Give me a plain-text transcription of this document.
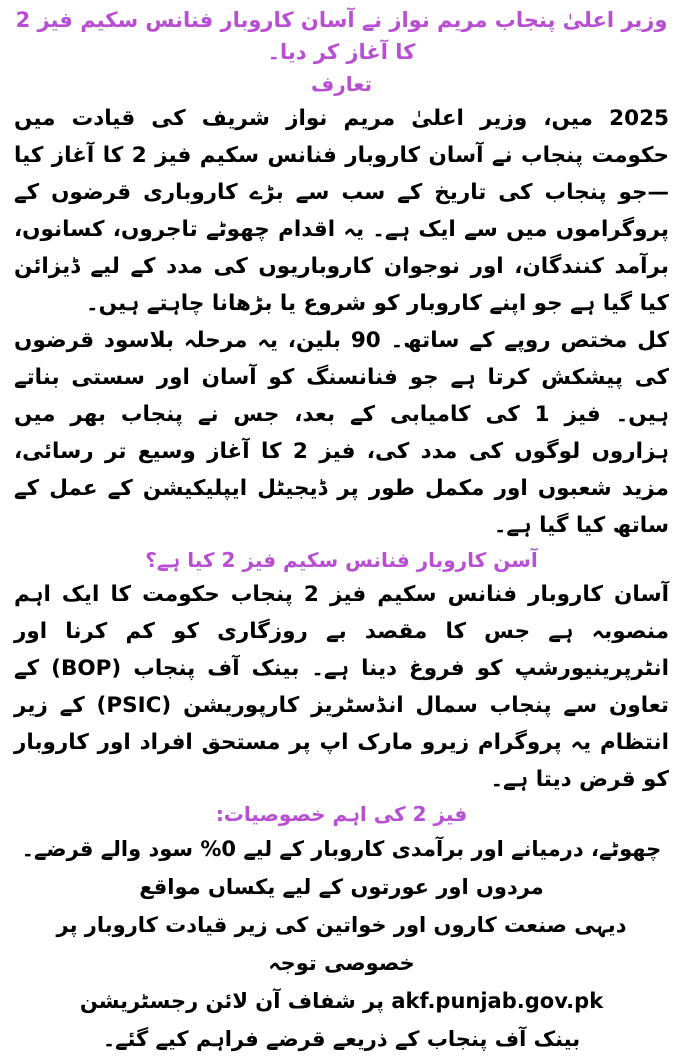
وزیر اعلیٰ پنجاب مریم نواز نے آسان کاروبار فنانس سکیم فیز 2 کا آغاز کر دیا۔
تعارف

2025 میں، وزیر اعلیٰ مریم نواز شریف کی قیادت میں حکومت پنجاب نے آسان کاروبار فنانس سکیم فیز 2 کا آغاز کیا—جو پنجاب کی تاریخ کے سب سے بڑے کاروباری قرضوں کے پروگراموں میں سے ایک ہے۔ یہ اقدام چھوٹے تاجروں، کسانوں، برآمد کنندگان، اور نوجوان کاروباریوں کی مدد کے لیے ڈیزائن کیا گیا ہے جو اپنے کاروبار کو شروع یا بڑھانا چاہتے ہیں۔

کل مختص روپے کے ساتھ۔ 90 بلین، یہ مرحلہ بلاسود قرضوں کی پیشکش کرتا ہے جو فنانسنگ کو آسان اور سستی بناتے ہیں۔ فیز 1 کی کامیابی کے بعد، جس نے پنجاب بھر میں ہزاروں لوگوں کی مدد کی، فیز 2 کا آغاز وسیع تر رسائی، مزید شعبوں اور مکمل طور پر ڈیجیٹل ایپلیکیشن کے عمل کے ساتھ کیا گیا ہے۔

آسن کاروبار فنانس سکیم فیز 2 کیا ہے؟

آسان کاروبار فنانس سکیم فیز 2 پنجاب حکومت کا ایک اہم منصوبہ ہے جس کا مقصد بے روزگاری کو کم کرنا اور انٹرپرینیورشپ کو فروغ دینا ہے۔ بینک آف پنجاب (BOP) کے تعاون سے پنجاب سمال انڈسٹریز کارپوریشن (PSIC) کے زیر انتظام یہ پروگرام زیرو مارک اپ پر مستحق افراد اور کاروبار کو قرض دیتا ہے۔

فیز 2 کی اہم خصوصیات:
چھوٹے، درمیانے اور برآمدی کاروبار کے لیے 0% سود والے قرضے۔
مردوں اور عورتوں کے لیے یکساں مواقع
دیہی صنعت کاروں اور خواتین کی زیر قیادت کاروبار پر خصوصی توجہ
akf.punjab.gov.pk پر شفاف آن لائن رجسٹریشن
بینک آف پنجاب کے ذریعے قرضے فراہم کیے گئے۔
